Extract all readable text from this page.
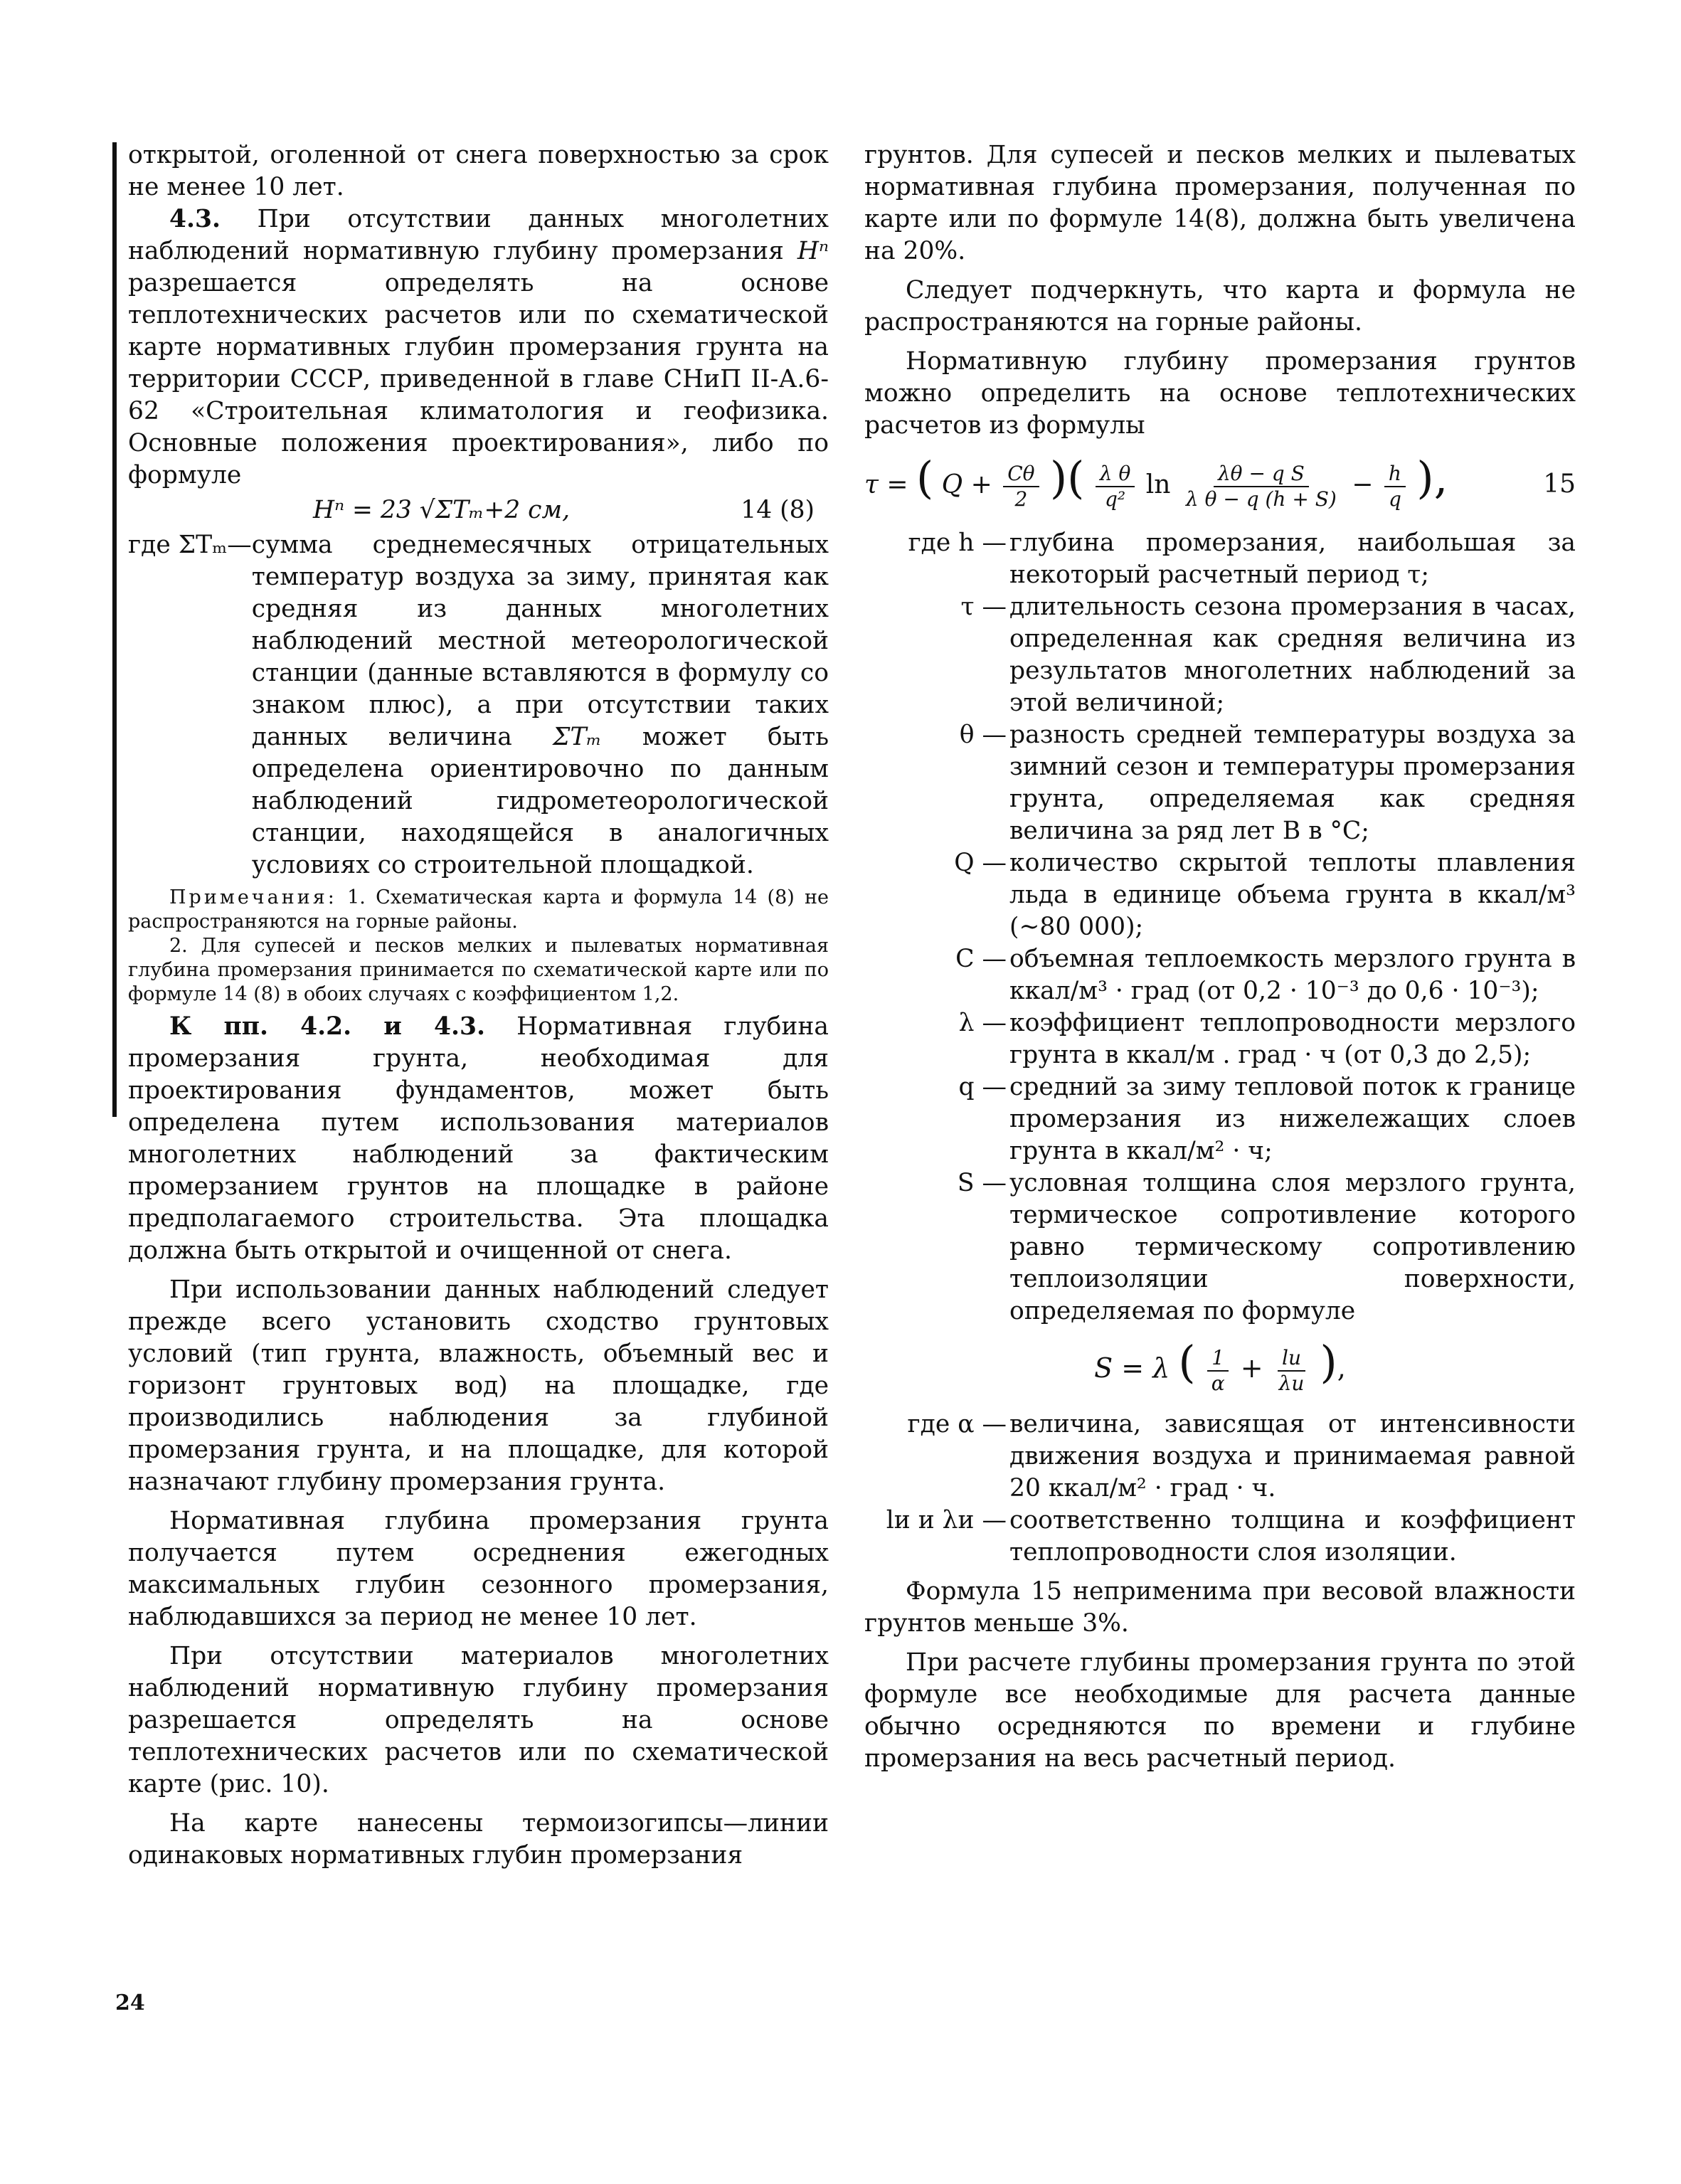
открытой, оголенной от снега поверхностью за срок не менее 10 лет.

4.3. При отсутствии данных многолетних наблюдений нормативную глубину промерзания Hⁿ разрешается определять на основе теплотехнических расчетов или по схематической карте нормативных глубин промерзания грунта на территории СССР, приведенной в главе СНиП II-А.6-62 «Строительная климатология и геофизика. Основные положения проектирования», либо по формуле

Hⁿ = 23 √ΣTₘ+2 см,	14 (8)
где ΣTₘ— сумма среднемесячных отрицательных температур воздуха за зиму, принятая как средняя из данных многолетних наблюдений местной метеорологической станции (данные вставляются в формулу со знаком плюс), а при отсутствии таких данных величина ΣTₘ может быть определена ориентировочно по данным наблюдений гидрометеорологической станции, находящейся в аналогичных условиях со строительной площадкой.

Примечания: 1. Схематическая карта и формула 14 (8) не распространяются на горные районы.

2. Для супесей и песков мелких и пылеватых нормативная глубина промерзания принимается по схематической карте или по формуле 14 (8) в обоих случаях с коэффициентом 1,2.

К пп. 4.2. и 4.3. Нормативная глубина промерзания грунта, необходимая для проектирования фундаментов, может быть определена путем использования материалов многолетних наблюдений за фактическим промерзанием грунтов на площадке в районе предполагаемого строительства. Эта площадка должна быть открытой и очищенной от снега.

При использовании данных наблюдений следует прежде всего установить сходство грунтовых условий (тип грунта, влажность, объемный вес и горизонт грунтовых вод) на площадке, где производились наблюдения за глубиной промерзания грунта, и на площадке, для которой назначают глубину промерзания грунта.

Нормативная глубина промерзания грунта получается путем осреднения ежегодных максимальных глубин сезонного промерзания, наблюдавшихся за период не менее 10 лет.

При отсутствии материалов многолетних наблюдений нормативную глубину промерзания разрешается определять на основе теплотехнических расчетов или по схематической карте (рис. 10).

На карте нанесены термоизогипсы—линии одинаковых нормативных глубин промерзания

грунтов. Для супесей и песков мелких и пылеватых нормативная глубина промерзания, полученная по карте или по формуле 14(8), должна быть увеличена на 20%.

Следует подчеркнуть, что карта и формула не распространяются на горные районы.

Нормативную глубину промерзания грунтов можно определить на основе теплотехнических расчетов из формулы

τ = ( $Q + \frac{C\theta}{2}$ )( $\frac{\text{λ θ}}{\text{q²}}$ $\ln \frac{\text{λθ − q S}}{\text{λ θ − q (h + S)}} - \frac{h}{q}$ ),	15
где h — глубина промерзания, наибольшая за некоторый расчетный период τ;
τ — длительность сезона промерзания в часах, определенная как средняя величина из результатов многолетних наблюдений за этой величиной;
θ — разность средней температуры воздуха за зимний сезон и температуры промерзания грунта, определяемая как средняя величина за ряд лет B в °С;
Q — количество скрытой теплоты плавления льда в единице объема грунта в ккал/м³ (~80 000);
C — объемная теплоемкость мерзлого грунта в ккал/м³ · град (от 0,2 · 10⁻³ до 0,6 · 10⁻³);
λ — коэффициент теплопроводности мерзлого грунта в ккал/м . град · ч (от 0,3 до 2,5);
q — средний за зиму тепловой поток к границе промерзания из нижележащих слоев грунта в ккал/м² · ч;
S — условная толщина слоя мерзлого грунта, термическое сопротивление которого равно термическому сопротивлению теплоизоляции поверхности, определяемая по формуле
S = λ ( $\frac{1}{\alpha} + \frac{lи}{\lambda и}$ ),
где α — величина, зависящая от интенсивности движения воздуха и принимаемая равной 20 ккал/м² · град · ч.
lи и λи — соответственно толщина и коэффициент теплопроводности слоя изоляции.

Формула 15 неприменима при весовой влажности грунтов меньше 3%.

При расчете глубины промерзания грунта по этой формуле все необходимые для расчета данные обычно осредняются по времени и глубине промерзания на весь расчетный период.

24
